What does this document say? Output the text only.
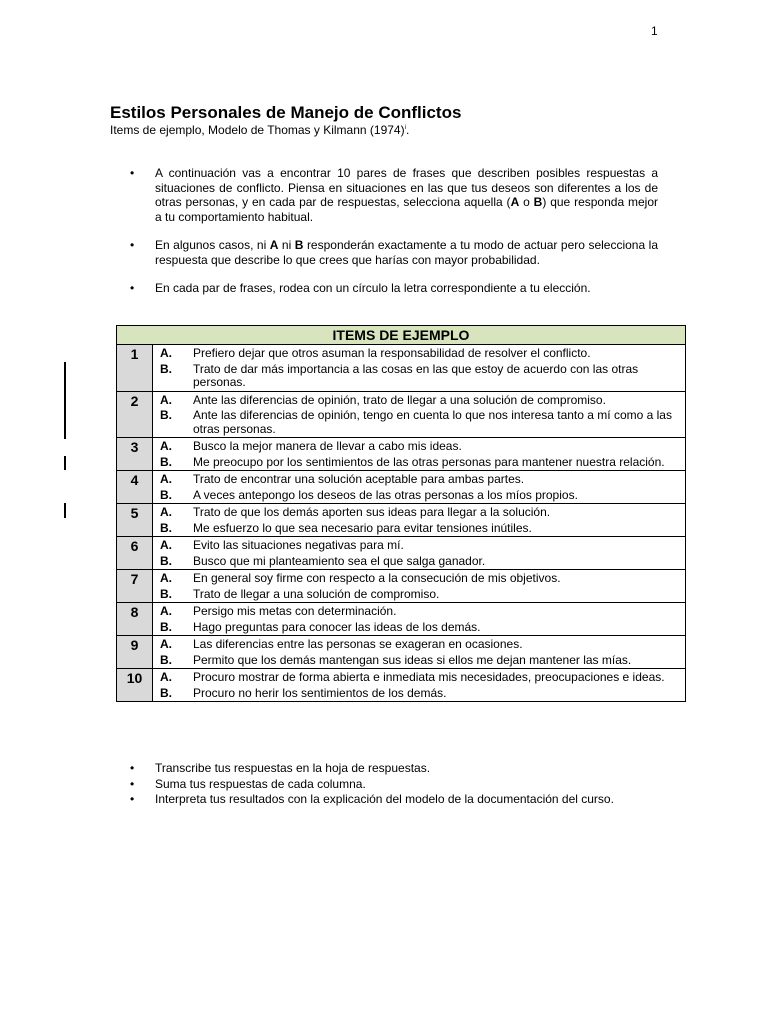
1
Estilos Personales de Manejo de Conflictos
Items de ejemplo, Modelo de Thomas y Kilmann $(1974)^i$.
• A continuación vas a encontrar 10 pares de frases que describen posibles respuestas a situaciones de conflicto. Piensa en situaciones en las que tus deseos son diferentes a los de otras personas, y en cada par de respuestas, selecciona aquella (A o B) que responda mejor a tu comportamiento habitual.
• En algunos casos, ni A ni B responderán exactamente a tu modo de actuar pero selecciona la respuesta que describe lo que crees que harías con mayor probabilidad.
• En cada par de frases, rodea con un círculo la letra correspondiente a tu elección.
ITEMS DE EJEMPLO	
1	A. Prefiero dejar que otros asuman la responsabilidad de resolver el conflicto.
B. Trato de dar más importancia a las cosas en las que estoy de acuerdo con las otras personas.

2	A. Ante las diferencias de opinión, trato de llegar a una solución de compromiso.
B. Ante las diferencias de opinión, tengo en cuenta lo que nos interesa tanto a mí como a las otras personas.

3	A. Busco la mejor manera de llevar a cabo mis ideas.
B. Me preocupo por los sentimientos de las otras personas para mantener nuestra relación.

4	A. Trato de encontrar una solución aceptable para ambas partes.
B. A veces antepongo los deseos de las otras personas a los míos propios.

5	A. Trato de que los demás aporten sus ideas para llegar a la solución.
B. Me esfuerzo lo que sea necesario para evitar tensiones inútiles.

6	A. Evito las situaciones negativas para mí.
B. Busco que mi planteamiento sea el que salga ganador.

7	A. En general soy firme con respecto a la consecución de mis objetivos.
B. Trato de llegar a una solución de compromiso.

8	A. Persigo mis metas con determinación.
B. Hago preguntas para conocer las ideas de los demás.

9	A. Las diferencias entre las personas se exageran en ocasiones.
B. Permito que los demás mantengan sus ideas si ellos me dejan mantener las mías.

10	A. Procuro mostrar de forma abierta e inmediata mis necesidades, preocupaciones e ideas.
B. Procuro no herir los sentimientos de los demás.
• Transcribe tus respuestas en la hoja de respuestas.
• Suma tus respuestas de cada columna.
• Interpreta tus resultados con la explicación del modelo de la documentación del curso.
